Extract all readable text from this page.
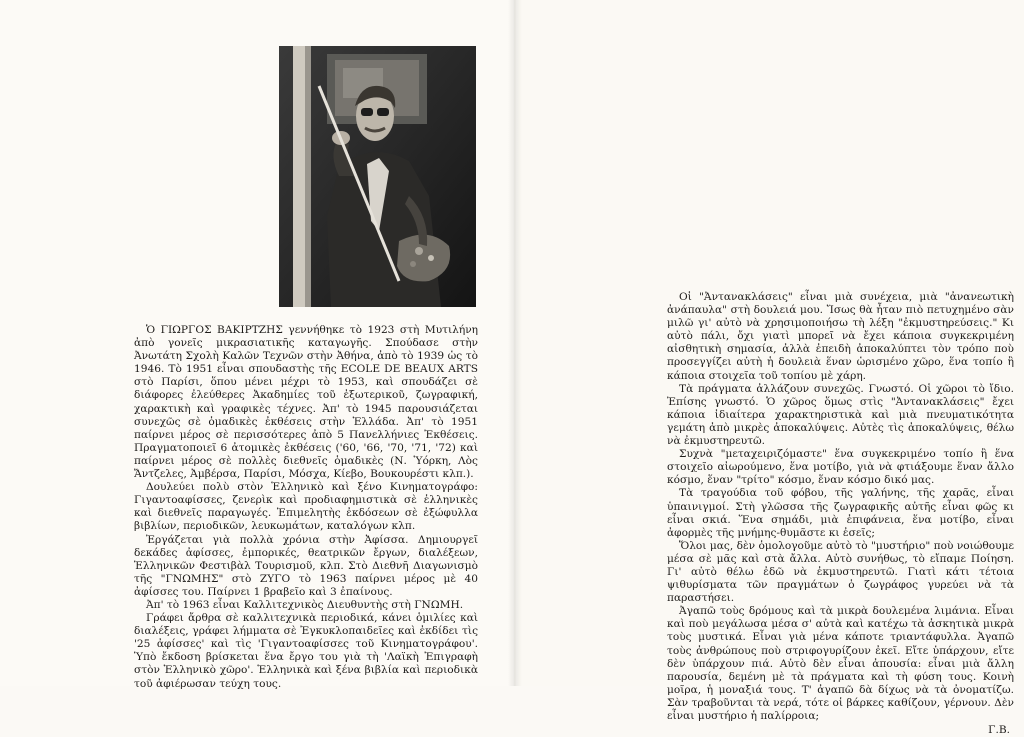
Ὁ ΓΙΩΡΓΟΣ ΒΑΚΙΡΤΖΗΣ γεννήθηκε τὸ 1923 στὴ Μυτιλήνη ἀπὸ γονεῖς μικρασιατικῆς καταγωγῆς. Σπούδασε στὴν Ἀνωτάτη Σχολὴ Καλῶν Τεχνῶν στὴν Ἀθήνα, ἀπὸ τὸ 1939 ὡς τὸ 1946. Τὸ 1951 εἶναι σπουδαστὴς τῆς ECOLE DE BEAUX ARTS στὸ Παρίσι, ὅπου μένει μέχρι τὸ 1953, καὶ σπουδάζει σὲ διάφορες ἐλεύθερες Ἀκαδημίες τοῦ ἐξωτερικοῦ, ζωγραφική, χαρακτικὴ καὶ γραφικὲς τέχνες. Ἀπ' τὸ 1945 παρουσιάζεται συνεχῶς σὲ ὁμαδικὲς ἐκθέσεις στὴν Ἑλλάδα. Ἀπ' τὸ 1951 παίρνει μέρος σὲ περισσότερες ἀπὸ 5 Πανελλήνιες Ἐκθέσεις. Πραγματοποιεῖ 6 ἀτομικὲς ἐκθέσεις ('60, '66, '70, '71, '72) καὶ παίρνει μέρος σὲ πολλὲς διεθνεῖς ὁμαδικὲς (Ν. Ὑόρκη, Λὸς Ἄντζελες, Ἀμβέρσα, Παρίσι, Μόσχα, Κίεβο, Βουκουρέστι κλπ.).

Δουλεύει πολὺ στὸν Ἑλληνικὸ καὶ ξένο Κινηματογράφο: Γιγαντοαφίσσες, ζενερὶκ καὶ προδιαφημιστικὰ σὲ ἑλληνικὲς καὶ διεθνεῖς παραγωγές. Ἐπιμελητὴς ἐκδόσεων σὲ ἐξώφυλλα βιβλίων, περιοδικῶν, λευκωμάτων, καταλόγων κλπ.

Ἐργάζεται γιὰ πολλὰ χρόνια στὴν Ἀφίσσα. Δημιουργεῖ δεκάδες ἀφίσσες, ἐμπορικές, θεατρικῶν ἔργων, διαλέξεων, Ἑλληνικῶν Φεστιβὰλ Τουρισμοῦ, κλπ. Στὸ Διεθνῆ Διαγωνισμὸ τῆς "ΓΝΩΜΗΣ" στὸ ΖΥΓΟ τὸ 1963 παίρνει μέρος μὲ 40 ἀφίσσες του. Παίρνει 1 βραβεῖο καὶ 3 ἐπαίνους.

Ἀπ' τὸ 1963 εἶναι Καλλιτεχνικὸς Διευθυντὴς στὴ ΓΝΩΜΗ.

Γράφει ἄρθρα σὲ καλλιτεχνικὰ περιοδικά, κάνει ὁμιλίες καὶ διαλέξεις, γράφει λήμματα σὲ Ἐγκυκλοπαιδεῖες καὶ ἐκδίδει τὶς '25 ἀφίσσες' καὶ τὶς 'Γιγαντοαφίσσες τοῦ Κινηματογράφου'. Ὑπὸ ἔκδοση βρίσκεται ἕνα ἔργο του γιὰ τὴ 'Λαϊκὴ Ἐπιγραφὴ στὸν Ἑλληνικὸ χῶρο'. Ἑλληνικὰ καὶ ξένα βιβλία καὶ περιοδικὰ τοῦ ἀφιέρωσαν τεύχη τους.

Οἱ "Ἀντανακλάσεις" εἶναι μιὰ συνέχεια, μιὰ "ἀνανεωτικὴ ἀνάπαυλα" στὴ δουλειά μου. Ἴσως θὰ ἦταν πιὸ πετυχημένο σὰν μιλῶ γι' αὐτὸ νὰ χρησιμοποιήσω τὴ λέξη "ἐκμυστηρεύσεις." Κι αὐτὸ πάλι, ὄχι γιατὶ μπορεῖ νὰ ἔχει κάποια συγκεκριμένη αἰσθητικὴ σημασία, ἀλλὰ ἐπειδὴ ἀποκαλύπτει τὸν τρόπο ποὺ προσεγγίζει αὐτὴ ἡ δουλειὰ ἕναν ὡρισμένο χῶρο, ἕνα τοπίο ἢ κάποια στοιχεῖα τοῦ τοπίου μὲ χάρη.

Τὰ πράγματα ἀλλάζουν συνεχῶς. Γνωστό. Οἱ χῶροι τὸ ἴδιο. Ἐπίσης γνωστό. Ὁ χῶρος ὅμως στὶς "Ἀντανακλάσεις" ἔχει κάποια ἰδιαίτερα χαρακτηριστικὰ καὶ μιὰ πνευματικότητα γεμάτη ἀπὸ μικρὲς ἀποκαλύψεις. Αὐτὲς τὶς ἀποκαλύψεις, θέλω νὰ ἐκμυστηρευτῶ.

Συχνὰ "μεταχειριζόμαστε" ἕνα συγκεκριμένο τοπίο ἢ ἕνα στοιχεῖο αἰωρούμενο, ἕνα μοτίβο, γιὰ νὰ φτιάξουμε ἕναν ἄλλο κόσμο, ἕναν "τρίτο" κόσμο, ἕναν κόσμο δικό μας.

Τὰ τραγούδια τοῦ φόβου, τῆς γαλήνης, τῆς χαρᾶς, εἶναι ὑπαινιγμοί. Στὴ γλῶσσα τῆς ζωγραφικῆς αὐτῆς εἶναι φῶς κι εἶναι σκιά. Ἕνα σημάδι, μιὰ ἐπιφάνεια, ἕνα μοτίβο, εἶναι ἀφορμὲς τῆς μνήμης-θυμᾶστε κι ἐσεῖς;

Ὅλοι μας, δὲν ὁμολογοῦμε αὐτὸ τὸ "μυστήριο" ποὺ νοιώθουμε μέσα σὲ μᾶς καὶ στὰ ἄλλα. Αὐτὸ συνήθως, τὸ εἴπαμε Ποίηση. Γι' αὐτὸ θέλω ἐδῶ νὰ ἐκμυστηρευτῶ. Γιατὶ κάτι τέτοια ψιθυρίσματα τῶν πραγμάτων ὁ ζωγράφος γυρεύει νὰ τὰ παραστήσει.

Ἀγαπῶ τοὺς δρόμους καὶ τὰ μικρὰ δουλεμένα λιμάνια. Εἶναι καὶ ποὺ μεγάλωσα μέσα σ' αὐτὰ καὶ κατέχω τὰ ἀσκητικὰ μικρὰ τοὺς μυστικά. Εἶναι γιὰ μένα κάποτε τριαντάφυλλα. Ἀγαπῶ τοὺς ἀνθρώπους ποὺ στριφογυρίζουν ἐκεῖ. Εἴτε ὑπάρχουν, εἴτε δὲν ὑπάρχουν πιά. Αὐτὸ δὲν εἶναι ἀπουσία: εἶναι μιὰ ἄλλη παρουσία, δεμένη μὲ τὰ πράγματα καὶ τὴ φύση τους. Κοινὴ μοῖρα, ἡ μοναξιά τους. Τ' ἀγαπῶ δὰ δίχως νὰ τὰ ὀνοματίζω. Σὰν τραβοῦνται τὰ νερά, τότε οἱ βάρκες καθίζουν, γέρνουν. Δὲν εἶναι μυστήριο ἡ παλίρροια;

Γ.Β.
